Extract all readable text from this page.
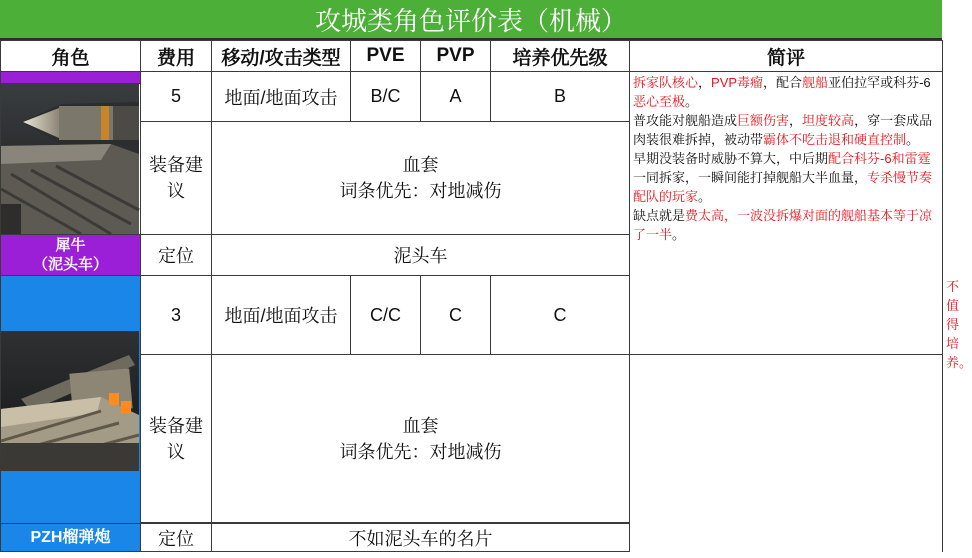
攻城类角色评价表（机械）
角色	费用	移动/攻击类型	PVE	PVP	培养优先级	简评	
	5	地面/地面攻击	B/C	A	B	拆家队核心，PVP毒瘤，配合舰船亚伯拉罕或科芬-6恶心至极。

普攻能对舰船造成巨额伤害，坦度较高，穿一套成品肉装很难拆掉，被动带霸体不吃击退和硬直控制。

早期没装备时威胁不算大，中后期配合科芬-6和雷霆一同拆家，一瞬间能打掉舰船大半血量，专杀慢节奏配队的玩家。

缺点就是费太高，一波没拆爆对面的舰船基本等于凉了一半。	

	装备建议	血套
词条优先：对地减伤					

犀牛
（泥头车）	定位	泥头车					

	3	地面/地面攻击	C/C	C	C		不值得培养。

	装备建议	血套
词条优先：对地减伤					

PZH榴弹炮	定位	不如泥头车的名片					
